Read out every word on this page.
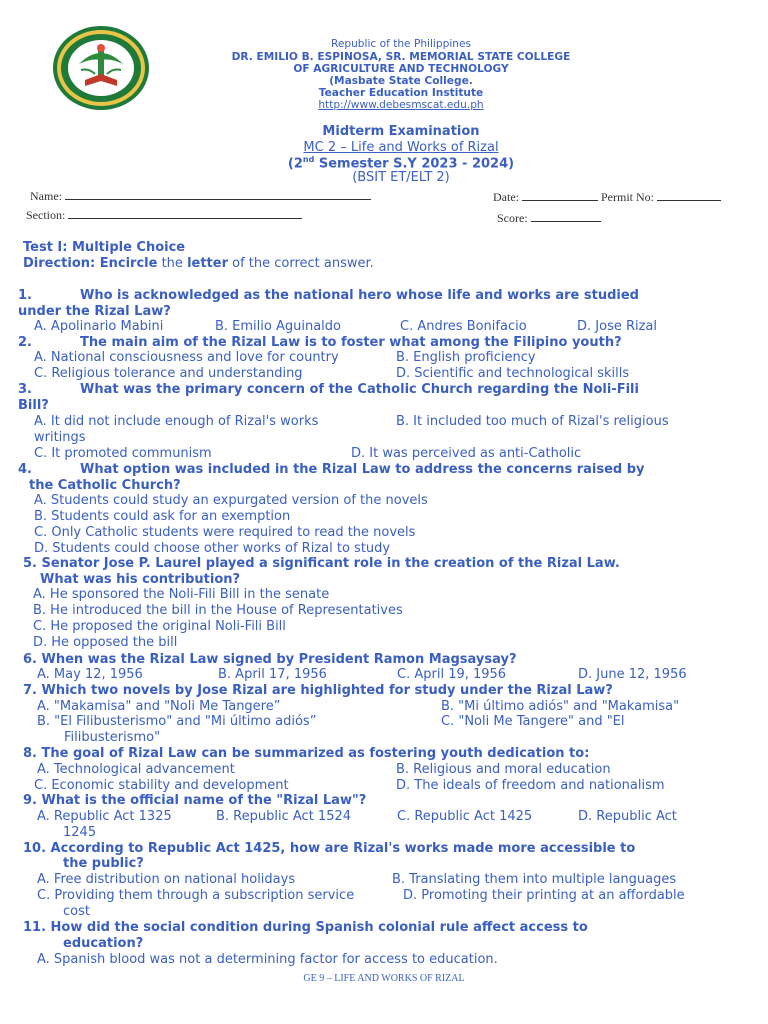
Republic of the Philippines
DR. EMILIO B. ESPINOSA, SR. MEMORIAL STATE COLLEGE
OF AGRICULTURE AND TECHNOLOGY
(Masbate State College.
Teacher Education Institute
http://www.debesmscat.edu.ph
Midterm Examination
MC 2 – Life and Works of Rizal
(2nd Semester S.Y 2023 - 2024)
(BSIT ET/ELT 2)
Name:
Section:
Date:	Permit No:
Score:
Test I: Multiple Choice
Direction: Encircle the letter of the correct answer.
1.	Who is acknowledged as the national hero whose life and works are studied
under the Rizal Law?
A. Apolinario Mabini	B. Emilio Aguinaldo	C. Andres Bonifacio	D. Jose Rizal
2.	The main aim of the Rizal Law is to foster what among the Filipino youth?
A. National consciousness and love for country	B. English proficiency
C. Religious tolerance and understanding	D. Scientific and technological skills
3.	What was the primary concern of the Catholic Church regarding the Noli-Fili
Bill?
A. It did not include enough of Rizal's works	B. It included too much of Rizal's religious
writings
C. It promoted communism	D. It was perceived as anti-Catholic
4.	What option was included in the Rizal Law to address the concerns raised by
the Catholic Church?
A. Students could study an expurgated version of the novels
B. Students could ask for an exemption
C. Only Catholic students were required to read the novels
D. Students could choose other works of Rizal to study
5. Senator Jose P. Laurel played a significant role in the creation of the Rizal Law.
What was his contribution?
A. He sponsored the Noli-Fili Bill in the senate
B. He introduced the bill in the House of Representatives
C. He proposed the original Noli-Fili Bill
D. He opposed the bill
6. When was the Rizal Law signed by President Ramon Magsaysay?
A. May 12, 1956	B. April 17, 1956	C. April 19, 1956	D. June 12, 1956
7. Which two novels by Jose Rizal are highlighted for study under the Rizal Law?
A. "Makamisa" and "Noli Me Tangere”	B. "Mi último adiós" and "Makamisa"
B. "El Filibusterismo" and "Mi último adiós”	C. "Noli Me Tangere" and "El
Filibusterismo"
8. The goal of Rizal Law can be summarized as fostering youth dedication to:
A. Technological advancement	B. Religious and moral education
C. Economic stability and development	D. The ideals of freedom and nationalism
9. What is the official name of the "Rizal Law"?
A. Republic Act 1325	B. Republic Act 1524	C. Republic Act 1425	D. Republic Act
1245
10. According to Republic Act 1425, how are Rizal's works made more accessible to
the public?
A. Free distribution on national holidays	B. Translating them into multiple languages
C. Providing them through a subscription service	D. Promoting their printing at an affordable
cost
11. How did the social condition during Spanish colonial rule affect access to
education?
A. Spanish blood was not a determining factor for access to education.
GE 9 – LIFE AND WORKS OF RIZAL
